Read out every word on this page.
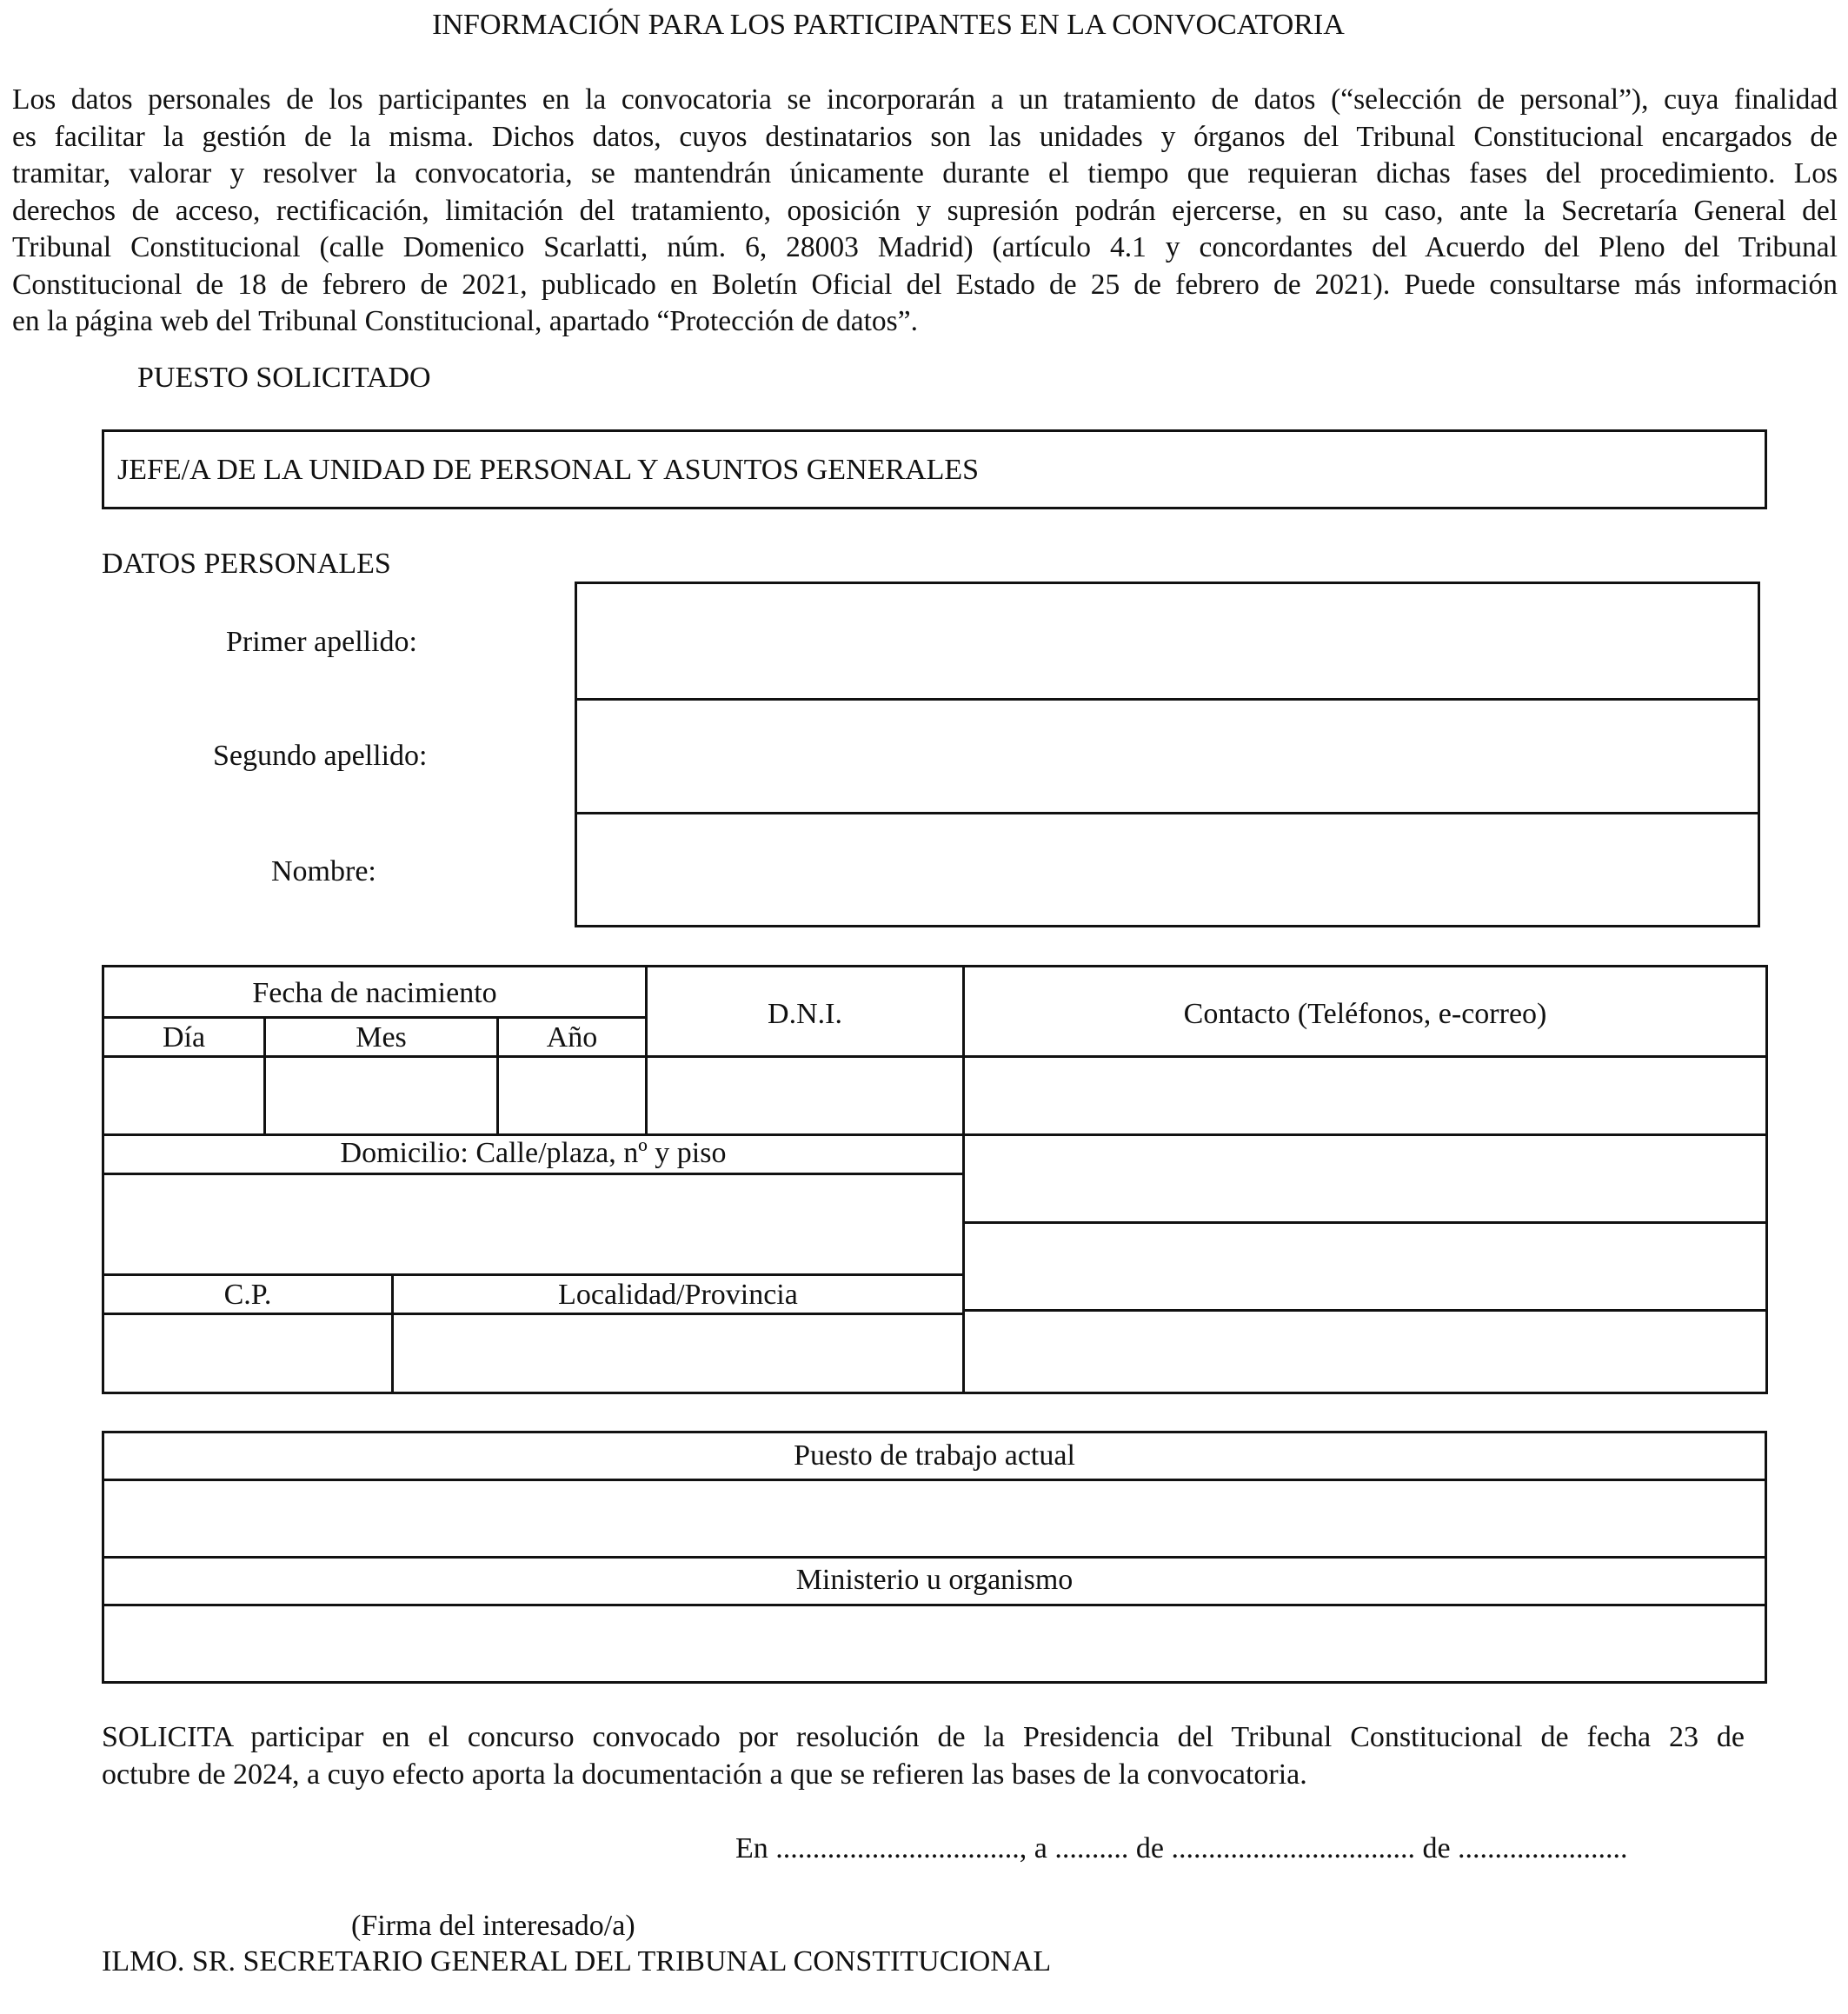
INFORMACIÓN PARA LOS PARTICIPANTES EN LA CONVOCATORIA
Los datos personales de los participantes en la convocatoria se incorporarán a un tratamiento de datos (“selección de personal”), cuya finalidad
es facilitar la gestión de la misma. Dichos datos, cuyos destinatarios son las unidades y órganos del Tribunal Constitucional encargados de
tramitar, valorar y resolver la convocatoria, se mantendrán únicamente durante el tiempo que requieran dichas fases del procedimiento. Los
derechos de acceso, rectificación, limitación del tratamiento, oposición y supresión podrán ejercerse, en su caso, ante la Secretaría General del
Tribunal Constitucional (calle Domenico Scarlatti, núm. 6, 28003 Madrid) (artículo 4.1 y concordantes del Acuerdo del Pleno del Tribunal
Constitucional de 18 de febrero de 2021, publicado en Boletín Oficial del Estado de 25 de febrero de 2021). Puede consultarse más información
en la página web del Tribunal Constitucional, apartado “Protección de datos”.
PUESTO SOLICITADO
JEFE/A DE LA UNIDAD DE PERSONAL Y ASUNTOS GENERALES
DATOS PERSONALES
Primer apellido:
Segundo apellido:
Nombre:
Fecha de nacimiento
Día	Mes	Año
D.N.I.	Contacto (Teléfonos, e-correo)
Domicilio: Calle/plaza, nº y piso
C.P.	Localidad/Provincia
Puesto de trabajo actual
Ministerio u organismo
SOLICITA participar en el concurso convocado por resolución de la Presidencia del Tribunal Constitucional de fecha 23 de
octubre de 2024, a cuyo efecto aporta la documentación a que se refieren las bases de la convocatoria.
En ................................., a .......... de ................................. de .......................
(Firma del interesado/a)
ILMO. SR. SECRETARIO GENERAL DEL TRIBUNAL CONSTITUCIONAL
